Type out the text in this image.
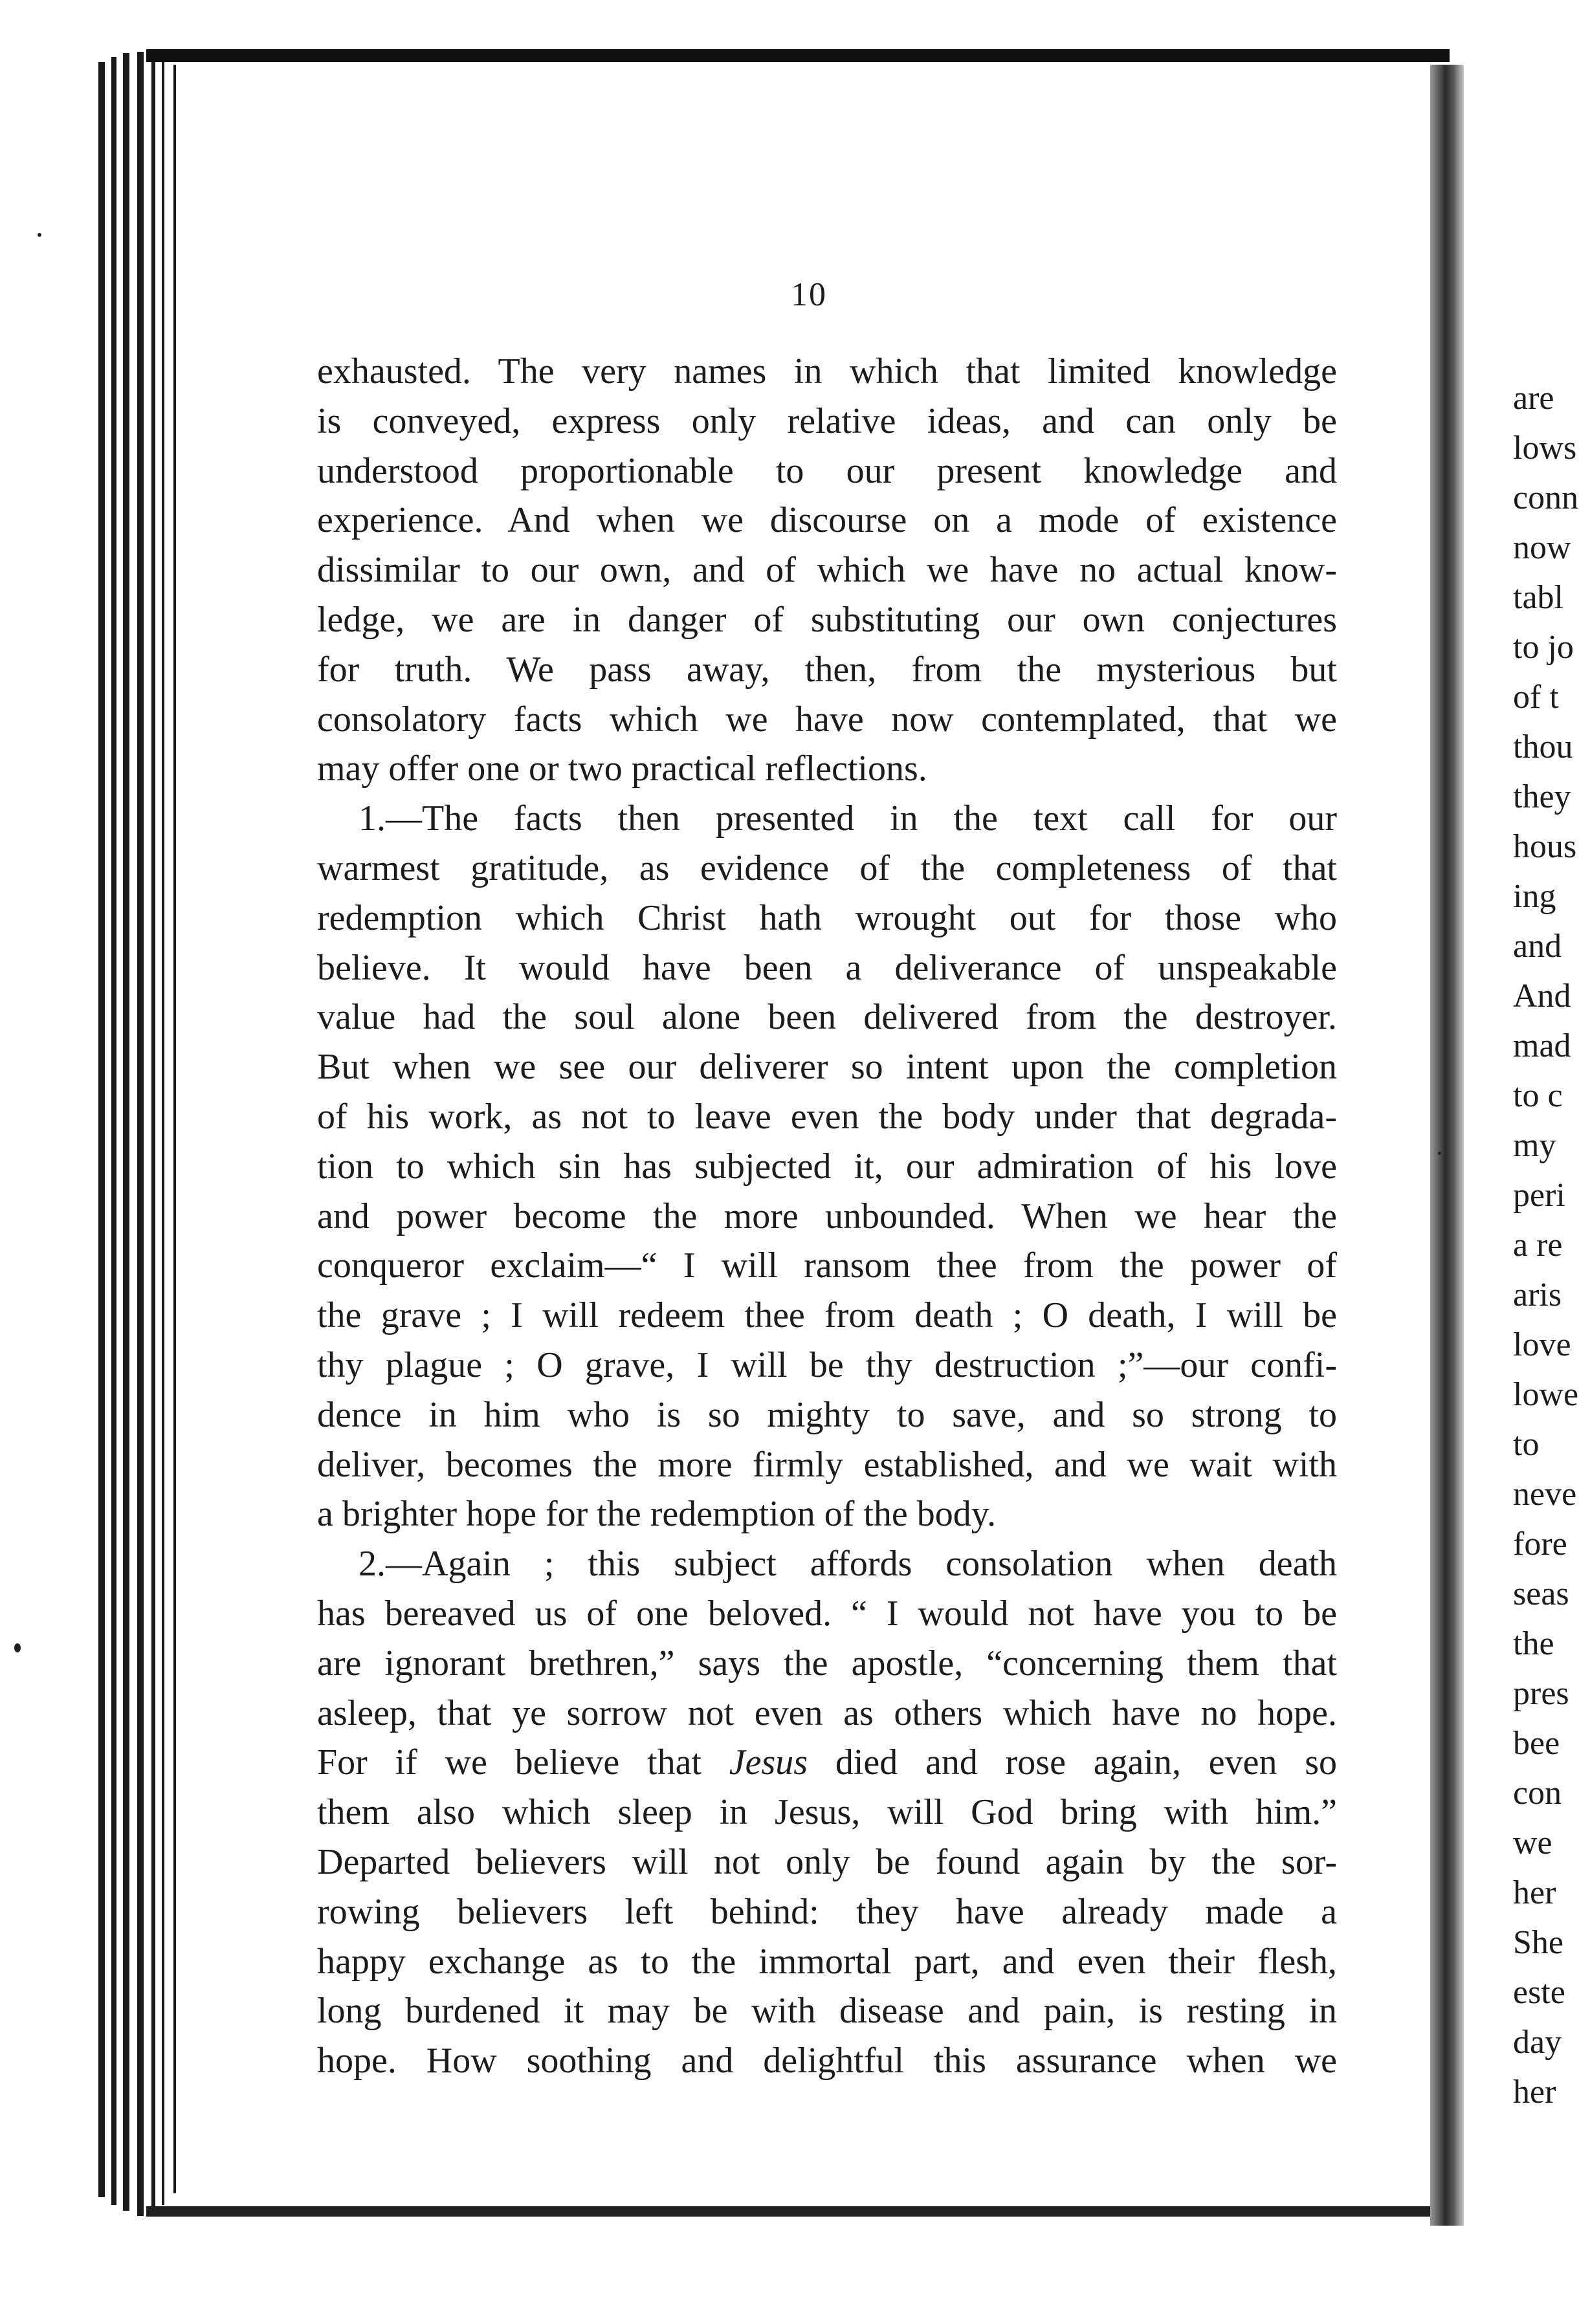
10
exhausted. The very names in which that limited knowledge
is conveyed, express only relative ideas, and can only be
understood proportionable to our present knowledge and
experience. And when we discourse on a mode of existence
dissimilar to our own, and of which we have no actual know-
ledge, we are in danger of substituting our own conjectures
for truth. We pass away, then, from the mysterious but
consolatory facts which we have now contemplated, that we
may offer one or two practical reflections.
1.—The facts then presented in the text call for our
warmest gratitude, as evidence of the completeness of that
redemption which Christ hath wrought out for those who
believe. It would have been a deliverance of unspeakable
value had the soul alone been delivered from the destroyer.
But when we see our deliverer so intent upon the completion
of his work, as not to leave even the body under that degrada-
tion to which sin has subjected it, our admiration of his love
and power become the more unbounded. When we hear the
conqueror exclaim—“ I will ransom thee from the power of
the grave ; I will redeem thee from death ; O death, I will be
thy plague ; O grave, I will be thy destruction ;”—our confi-
dence in him who is so mighty to save, and so strong to
deliver, becomes the more firmly established, and we wait with
a brighter hope for the redemption of the body.
2.—Again ; this subject affords consolation when death
has bereaved us of one beloved. “ I would not have you to be
are ignorant brethren,” says the apostle, “concerning them that
asleep, that ye sorrow not even as others which have no hope.
For if we believe that Jesus died and rose again, even so
them also which sleep in Jesus, will God bring with him.”
Departed believers will not only be found again by the sor-
rowing believers left behind: they have already made a
happy exchange as to the immortal part, and even their flesh,
long burdened it may be with disease and pain, is resting in
hope. How soothing and delightful this assurance when we
are
lows
conn
now
tabl
to jo
of t
thou
they
hous
ing
and
And
mad
to c
my
peri
a re
aris
love
lowe
to
neve
fore
seas
the
pres
bee
con
we
her
She
este
day
her
